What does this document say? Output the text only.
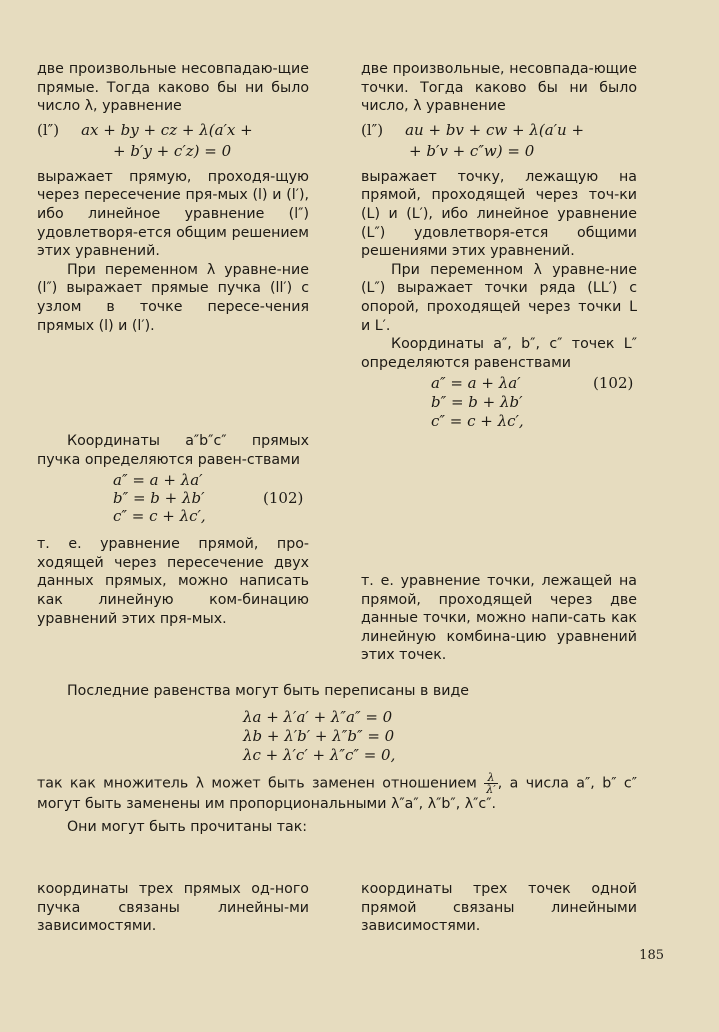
две произвольные несовпадаю-щие прямые. Тогда каково бы ни было число λ, уравнение

(l″) ax + by + cz + λ(a′x +
+ b′y + c′z) = 0

выражает прямую, проходя-щую через пересечение пря-мых (l) и (l′), ибо линейное уравнение (l″) удовлетворя-ется общим решением этих уравнений.

При переменном λ уравне-ние (l″) выражает прямые пучка (ll′) с узлом в точке пересе-чения прямых (l) и (l′).

Координаты a″b″c″ прямых пучка определяются равен-ствами

a″ = a + λa′
b″ = b + λb′
c″ = c + λc′,
(102)

т. е. уравнение прямой, про-ходящей через пересечение двух данных прямых, можно написать как линейную ком-бинацию уравнений этих пря-мых.

две произвольные, несовпада-ющие точки. Тогда каково бы ни было число, λ уравнение

(l″) au + bv + cw + λ(a′u +
+ b′v + c″w) = 0

выражает точку, лежащую на прямой, проходящей через точ-ки (L) и (L′), ибо линейное уравнение (L″) удовлетворя-ется общими решениями этих уравнений.

При переменном λ уравне-ние (L″) выражает точки ряда (LL′) с опорой, проходящей через точки L и L′.

Координаты a″, b″, c″ точек L″ определяются равенствами

a″ = a + λa′
b″ = b + λb′
c″ = c + λc′,
(102)

т. е. уравнение точки, лежащей на прямой, проходящей через две данные точки, можно напи-сать как линейную комбина-цию уравнений этих точек.

Последние равенства могут быть переписаны в виде

λa + λ′a′ + λ″a″ = 0
λb + λ′b′ + λ″b″ = 0
λc + λ′c′ + λ″c″ = 0,

так как множитель λ может быть заменен отношением $\frac{\lambda}{\lambda'}$ , а числа a″, b″ c″ могут быть заменены им пропорциональными λ″a″, λ″b″, λ″c″.

Они могут быть прочитаны так:

координаты трех прямых од-ного пучка связаны линейны-ми зависимостями.

координаты трех точек одной прямой связаны линейными зависимостями.

185
